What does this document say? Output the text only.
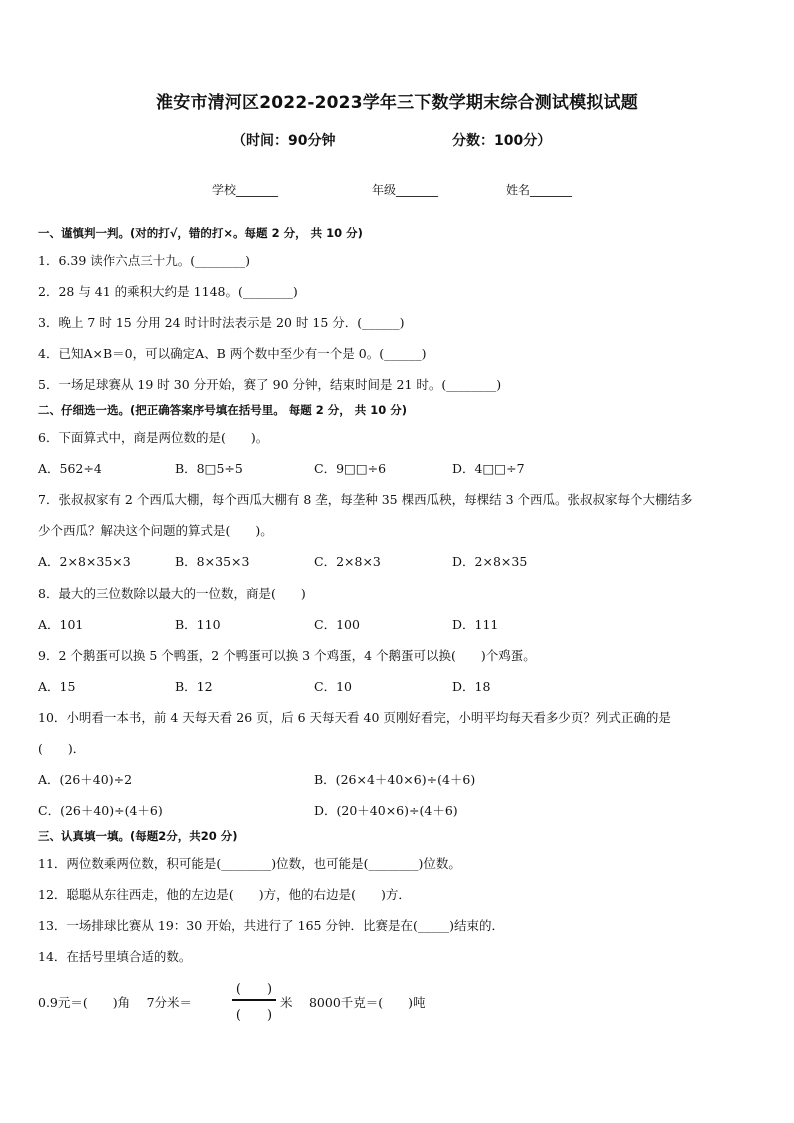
淮安市清河区2022-2023学年三下数学期末综合测试模拟试题
（时间：90分钟	分数：100分）
学校_______	年级_______	姓名_______
一、谨慎判一判。(对的打√，错的打×。每题 2 分， 共 10 分)
1．6.39 读作六点三十九。(________)
2．28 与 41 的乘积大约是 1148。(________)
3．晚上 7 时 15 分用 24 时计时法表示是 20 时 15 分．(______)
4．已知A×B＝0，可以确定A、B 两个数中至少有一个是 0。(______)
5．一场足球赛从 19 时 30 分开始，赛了 90 分钟，结束时间是 21 时。(________)
二、仔细选一选。(把正确答案序号填在括号里。 每题 2 分， 共 10 分)
6．下面算式中，商是两位数的是(　　)。
A．562÷4	B．8□5÷5	C．9□□÷6	D．4□□÷7
7．张叔叔家有 2 个西瓜大棚，每个西瓜大棚有 8 垄，每垄种 35 棵西瓜秧，每棵结 3 个西瓜。张叔叔家每个大棚结多
少个西瓜？解决这个问题的算式是(　　)。
A．2×8×35×3	B．8×35×3	C．2×8×3	D．2×8×35
8．最大的三位数除以最大的一位数，商是(　　)
A．101	B．110	C．100	D．111
9．2 个鹅蛋可以换 5 个鸭蛋，2 个鸭蛋可以换 3 个鸡蛋，4 个鹅蛋可以换(　　)个鸡蛋。
A．15	B．12	C．10	D．18
10．小明看一本书，前 4 天每天看 26 页，后 6 天每天看 40 页刚好看完，小明平均每天看多少页？列式正确的是
(　　)．
A．(26＋40)÷2	B．(26×4＋40×6)÷(4＋6)
C．(26＋40)÷(4＋6)	D．(20＋40×6)÷(4＋6)
三、认真填一填。(每题2分，共20 分)
11．两位数乘两位数，积可能是(________)位数，也可能是(________)位数。
12．聪聪从东往西走，他的左边是(　　)方，他的右边是(　　)方．
13．一场排球比赛从 19：30 开始，共进行了 165 分钟．比赛是在(_____)结束的．
14．在括号里填合适的数。
0.9元＝(　　)角　 7分米＝
(　　)
(　　)
米　 8000千克＝(　　)吨
